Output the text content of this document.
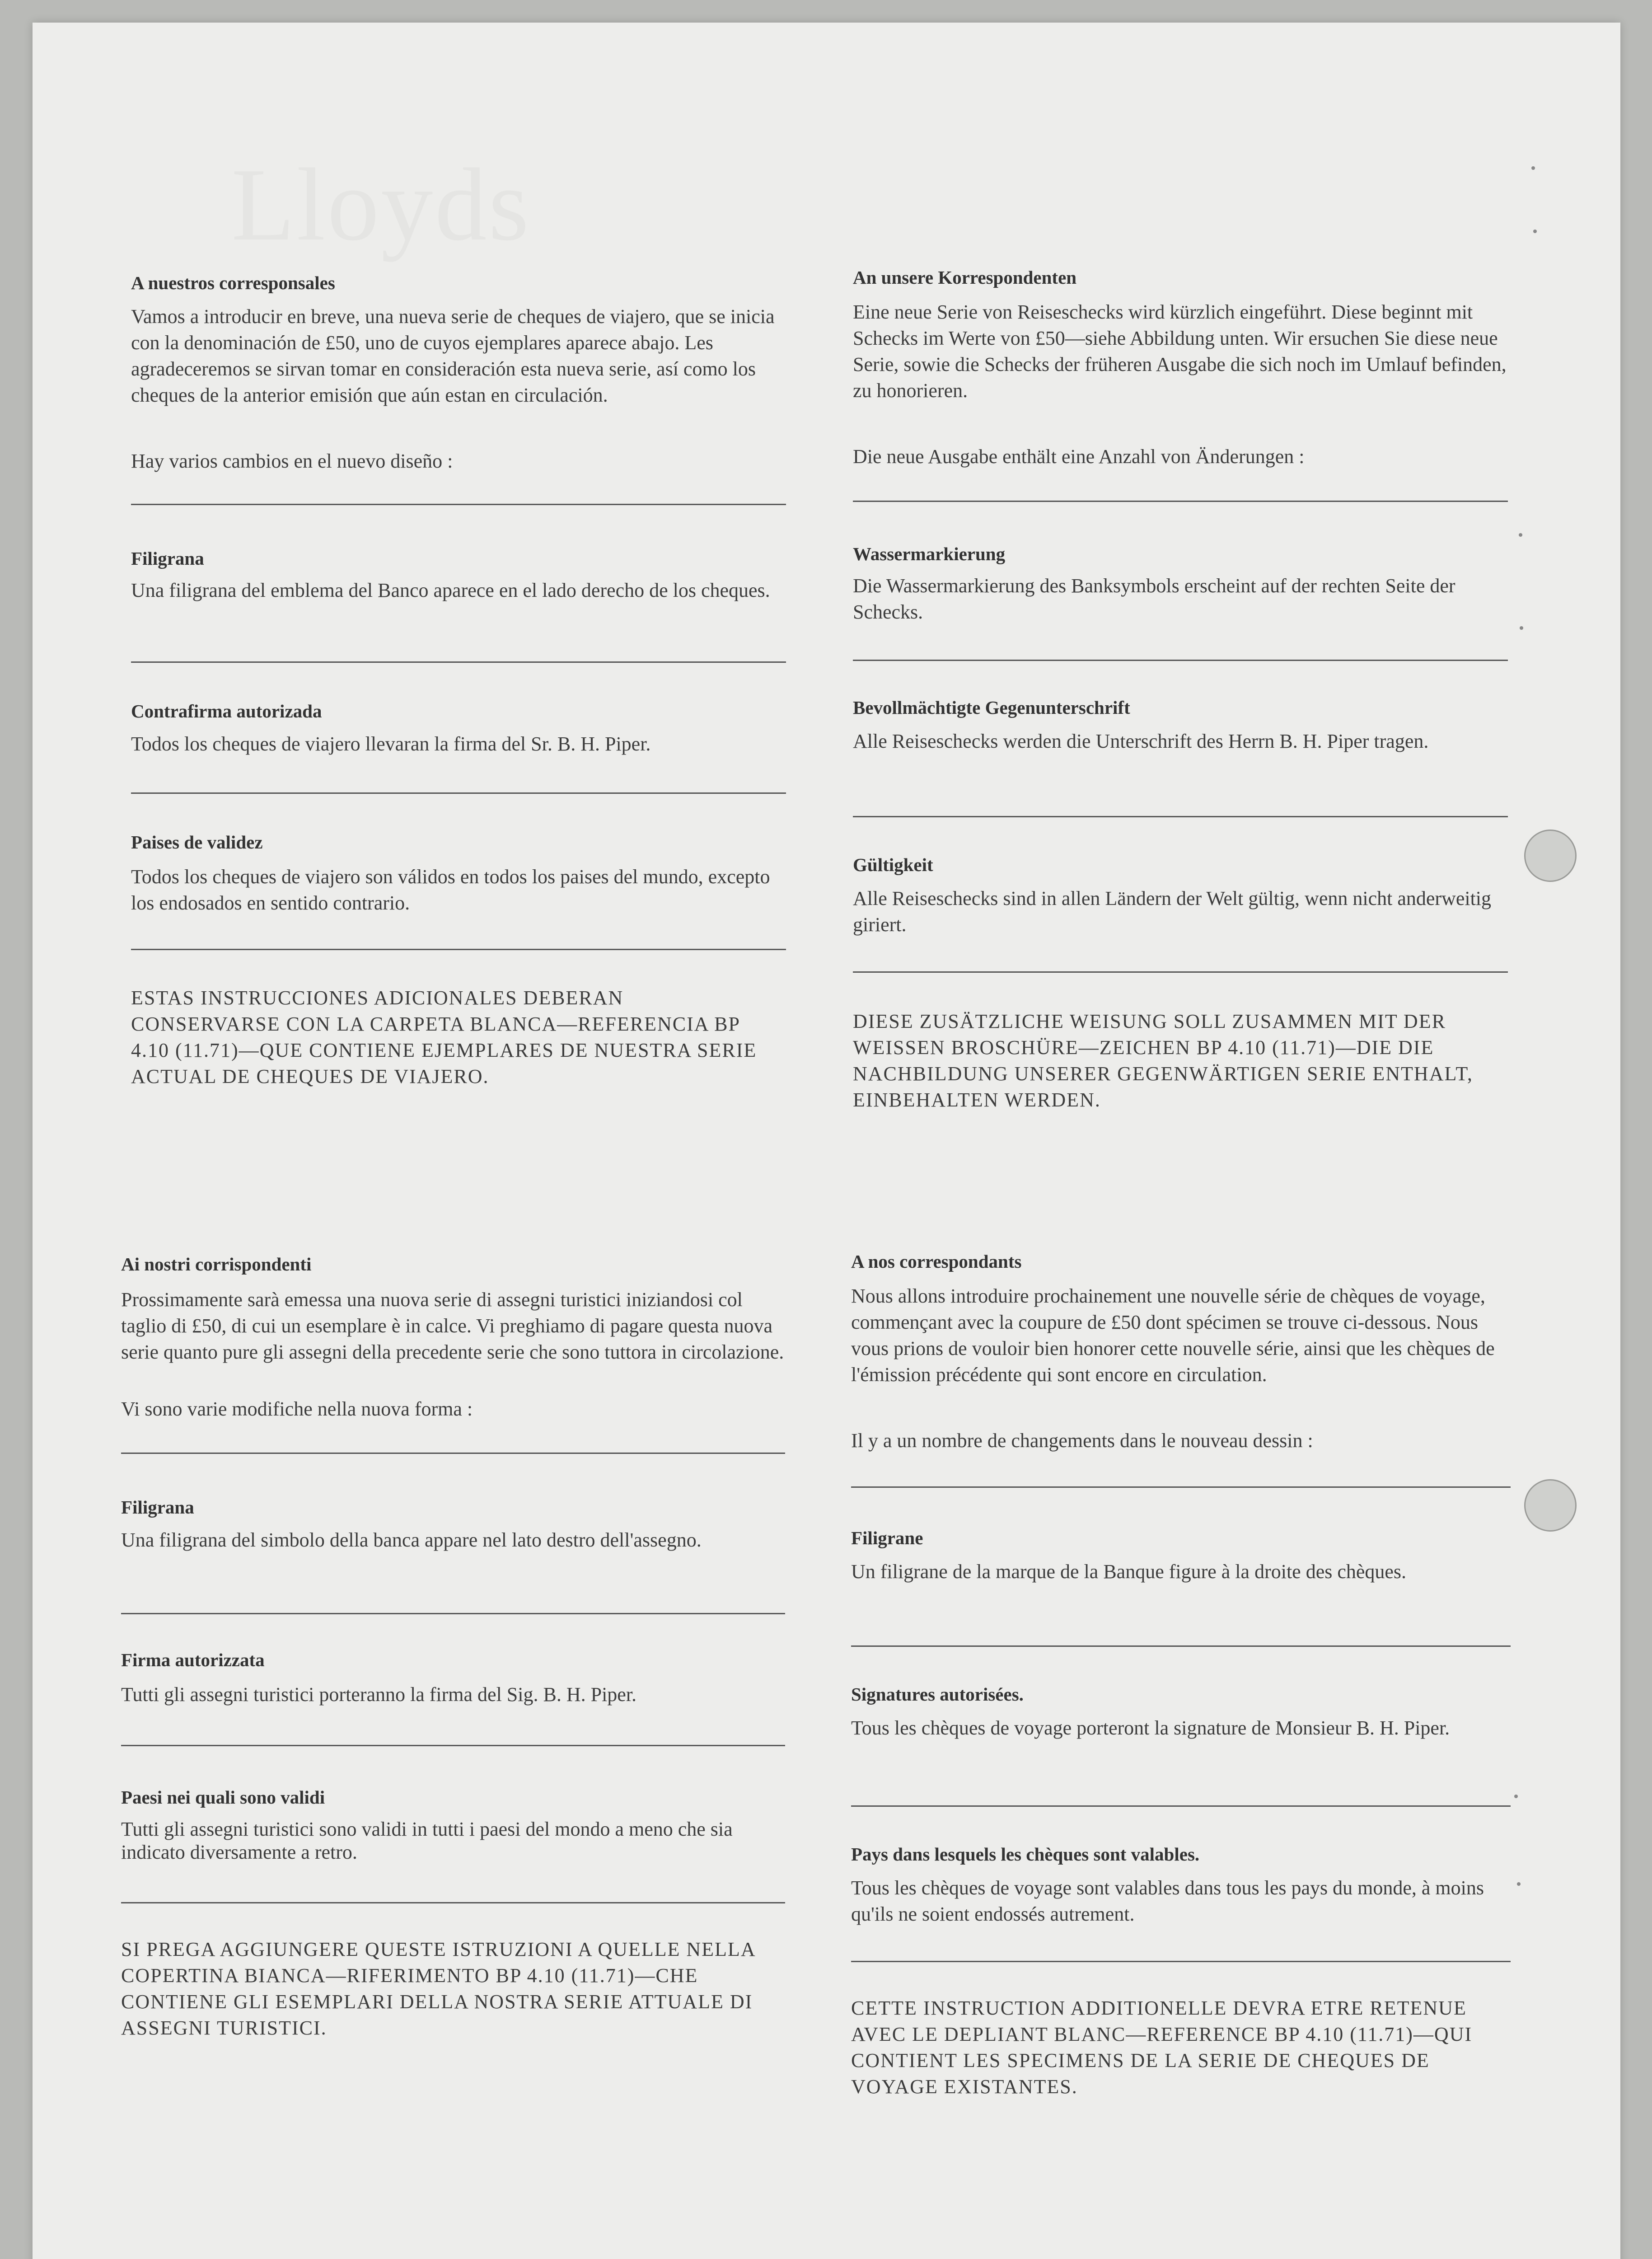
Lloyds
A nuestros corresponsales

Vamos a introducir en breve, una nueva serie de cheques de viajero, que se inicia con la denominación de £50, uno de cuyos ejemplares aparece abajo. Les agradeceremos se sirvan tomar en consideración esta nueva serie, así como los cheques de la anterior emisión que aún estan en circulación.

Hay varios cambios en el nuevo diseño :

Filigrana

Una filigrana del emblema del Banco aparece en el lado derecho de los cheques.

Contrafirma autorizada

Todos los cheques de viajero llevaran la firma del Sr. B. H. Piper.

Paises de validez

Todos los cheques de viajero son válidos en todos los paises del mundo, excepto los endosados en sentido contrario.

ESTAS INSTRUCCIONES ADICIONALES DEBERAN CONSERVARSE CON LA CARPETA BLANCA—REFERENCIA BP 4.10 (11.71)—QUE CONTIENE EJEMPLARES DE NUESTRA SERIE ACTUAL DE CHEQUES DE VIAJERO.

An unsere Korrespondenten

Eine neue Serie von Reiseschecks wird kürzlich eingeführt. Diese beginnt mit Schecks im Werte von £50—siehe Abbildung unten. Wir ersuchen Sie diese neue Serie, sowie die Schecks der früheren Ausgabe die sich noch im Umlauf befinden, zu honorieren.

Die neue Ausgabe enthält eine Anzahl von Änderungen :

Wassermarkierung

Die Wassermarkierung des Banksymbols erscheint auf der rechten Seite der Schecks.

Bevollmächtigte Gegenunterschrift

Alle Reiseschecks werden die Unterschrift des Herrn B. H. Piper tragen.

Gültigkeit

Alle Reiseschecks sind in allen Ländern der Welt gültig, wenn nicht anderweitig giriert.

DIESE ZUSÄTZLICHE WEISUNG SOLL ZUSAMMEN MIT DER WEISSEN BROSCHÜRE—ZEICHEN BP 4.10 (11.71)—DIE DIE NACHBILDUNG UNSERER GEGENWÄRTIGEN SERIE ENTHALT, EINBEHALTEN WERDEN.

Ai nostri corrispondenti

Prossimamente sarà emessa una nuova serie di assegni turistici iniziandosi col taglio di £50, di cui un esemplare è in calce. Vi preghiamo di pagare questa nuova serie quanto pure gli assegni della precedente serie che sono tuttora in circolazione.

Vi sono varie modifiche nella nuova forma :

Filigrana

Una filigrana del simbolo della banca appare nel lato destro dell'assegno.

Firma autorizzata

Tutti gli assegni turistici porteranno la firma del Sig. B. H. Piper.

Paesi nei quali sono validi

Tutti gli assegni turistici sono validi in tutti i paesi del mondo a meno che sia indicato diversamente a retro.

SI PREGA AGGIUNGERE QUESTE ISTRUZIONI A QUELLE NELLA COPERTINA BIANCA—RIFERIMENTO BP 4.10 (11.71)—CHE CONTIENE GLI ESEMPLARI DELLA NOSTRA SERIE ATTUALE DI ASSEGNI TURISTICI.

A nos correspondants

Nous allons introduire prochainement une nouvelle série de chèques de voyage, commençant avec la coupure de £50 dont spécimen se trouve ci-dessous. Nous vous prions de vouloir bien honorer cette nouvelle série, ainsi que les chèques de l'émission précédente qui sont encore en circulation.

Il y a un nombre de changements dans le nouveau dessin :

Filigrane

Un filigrane de la marque de la Banque figure à la droite des chèques.

Signatures autorisées.

Tous les chèques de voyage porteront la signature de Monsieur B. H. Piper.

Pays dans lesquels les chèques sont valables.

Tous les chèques de voyage sont valables dans tous les pays du monde, à moins qu'ils ne soient endossés autrement.

CETTE INSTRUCTION ADDITIONELLE DEVRA ETRE RETENUE AVEC LE DEPLIANT BLANC—REFERENCE BP 4.10 (11.71)—QUI CONTIENT LES SPECIMENS DE LA SERIE DE CHEQUES DE VOYAGE EXISTANTES.
